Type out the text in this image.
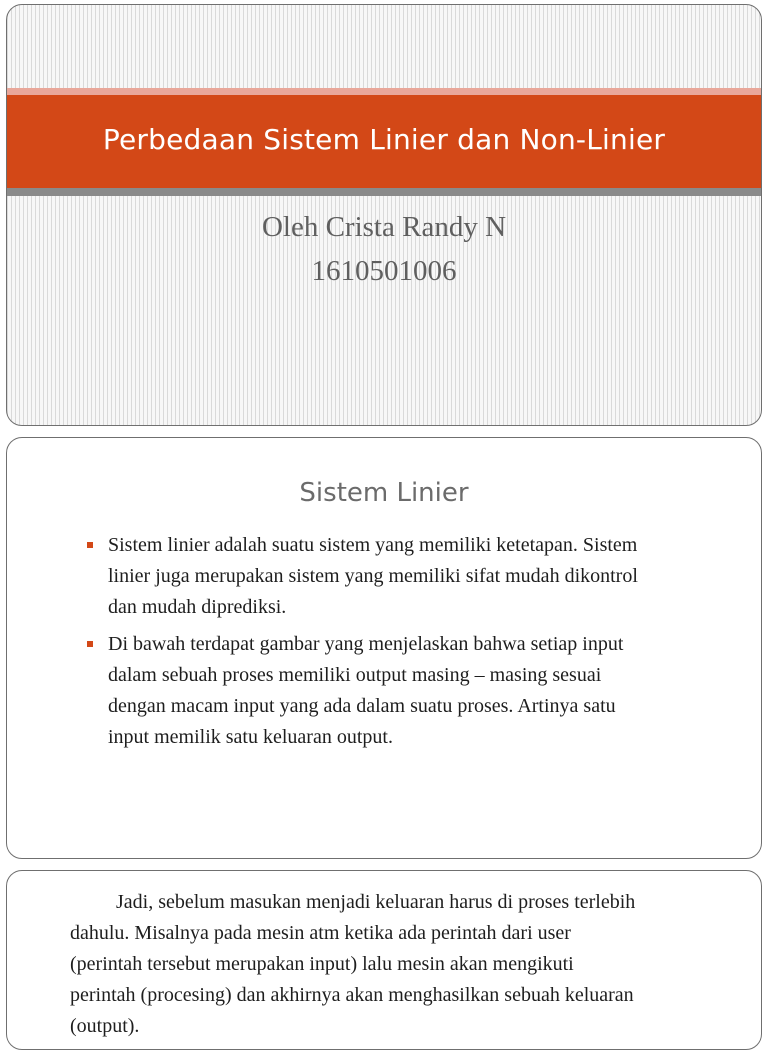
Perbedaan Sistem Linier dan Non-Linier
Oleh Crista Randy N
1610501006
Sistem Linier
Sistem linier adalah suatu sistem yang memiliki ketetapan. Sistem
linier juga merupakan sistem yang memiliki sifat mudah dikontrol
dan mudah diprediksi.
Di bawah terdapat gambar yang menjelaskan bahwa setiap input
dalam sebuah proses memiliki output masing – masing sesuai
dengan macam input yang ada dalam suatu proses. Artinya satu
input memilik satu keluaran output.
Jadi, sebelum masukan menjadi keluaran harus di proses terlebih
dahulu. Misalnya pada mesin atm ketika ada perintah dari user
(perintah tersebut merupakan input) lalu mesin akan mengikuti
perintah (procesing) dan akhirnya akan menghasilkan sebuah keluaran
(output).
